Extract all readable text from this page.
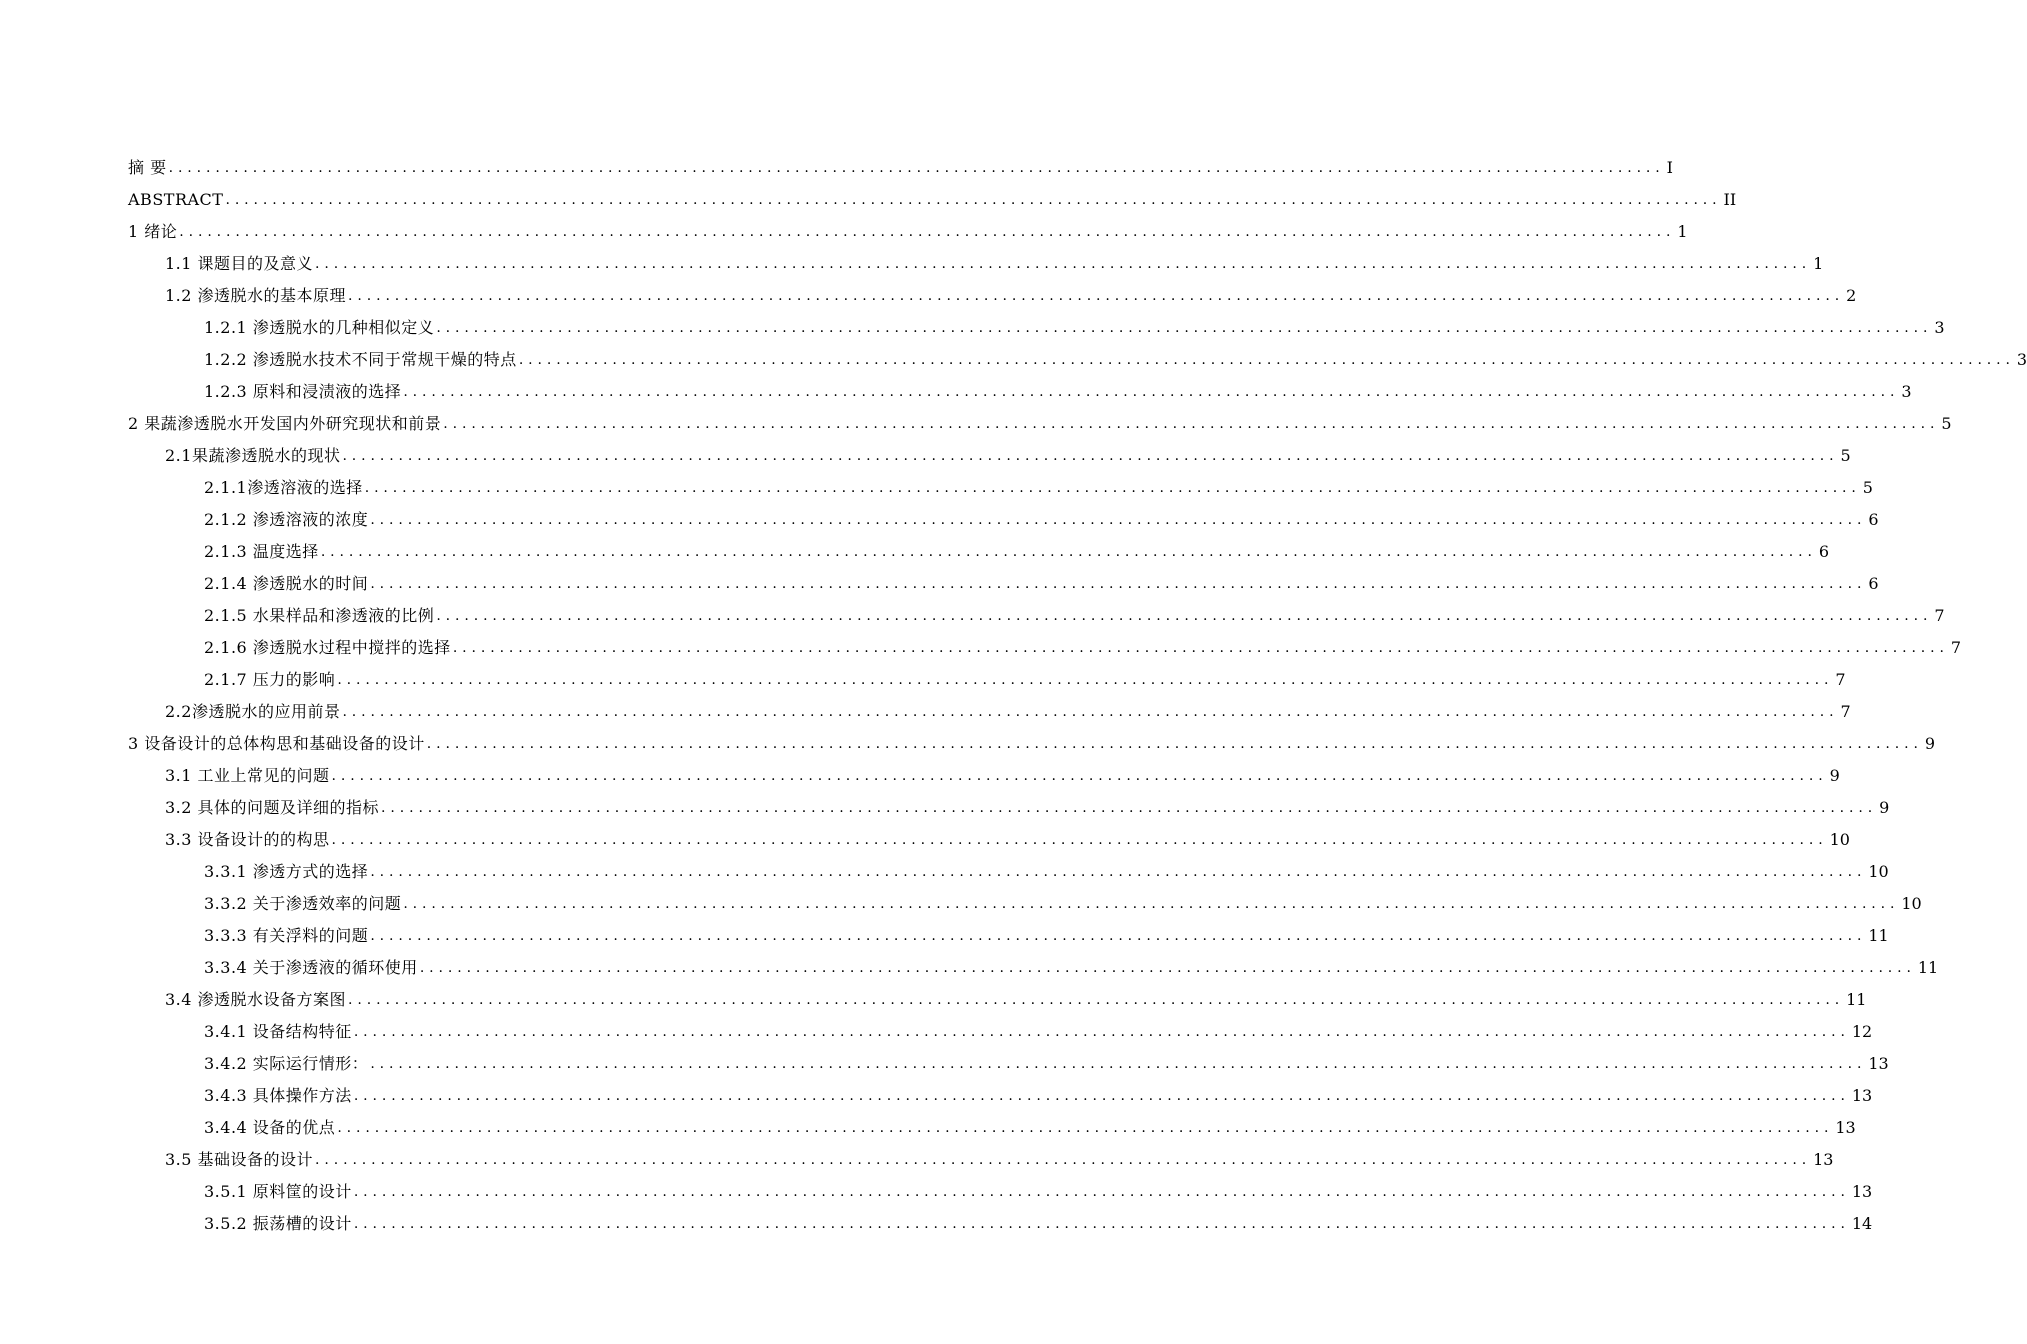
摘 要 ................................................................................................................................................................ I
ABSTRACT ................................................................................................................................................................ II
1 绪论 ................................................................................................................................................................ 1
1.1 课题目的及意义 ................................................................................................................................................................ 1
1.2 渗透脱水的基本原理 ................................................................................................................................................................ 2
1.2.1 渗透脱水的几种相似定义 ................................................................................................................................................................ 3
1.2.2 渗透脱水技术不同于常规干燥的特点 ................................................................................................................................................................ 3
1.2.3 原料和浸渍液的选择 ................................................................................................................................................................ 3
2 果蔬渗透脱水开发国内外研究现状和前景 ................................................................................................................................................................ 5
2.1果蔬渗透脱水的现状 ................................................................................................................................................................ 5
2.1.1渗透溶液的选择 ................................................................................................................................................................ 5
2.1.2 渗透溶液的浓度 ................................................................................................................................................................ 6
2.1.3 温度选择 ................................................................................................................................................................ 6
2.1.4 渗透脱水的时间 ................................................................................................................................................................ 6
2.1.5 水果样品和渗透液的比例 ................................................................................................................................................................ 7
2.1.6 渗透脱水过程中搅拌的选择 ................................................................................................................................................................ 7
2.1.7 压力的影响 ................................................................................................................................................................ 7
2.2渗透脱水的应用前景 ................................................................................................................................................................ 7
3 设备设计的总体构思和基础设备的设计 ................................................................................................................................................................ 9
3.1 工业上常见的问题 ................................................................................................................................................................ 9
3.2 具体的问题及详细的指标 ................................................................................................................................................................ 9
3.3 设备设计的的构思 ................................................................................................................................................................ 10
3.3.1 渗透方式的选择 ................................................................................................................................................................ 10
3.3.2 关于渗透效率的问题 ................................................................................................................................................................ 10
3.3.3 有关浮料的问题 ................................................................................................................................................................ 11
3.3.4 关于渗透液的循环使用 ................................................................................................................................................................ 11
3.4 渗透脱水设备方案图 ................................................................................................................................................................ 11
3.4.1 设备结构特征 ................................................................................................................................................................ 12
3.4.2 实际运行情形： ................................................................................................................................................................ 13
3.4.3 具体操作方法 ................................................................................................................................................................ 13
3.4.4 设备的优点 ................................................................................................................................................................ 13
3.5 基础设备的设计 ................................................................................................................................................................ 13
3.5.1 原料筐的设计 ................................................................................................................................................................ 13
3.5.2 振荡槽的设计 ................................................................................................................................................................ 14
